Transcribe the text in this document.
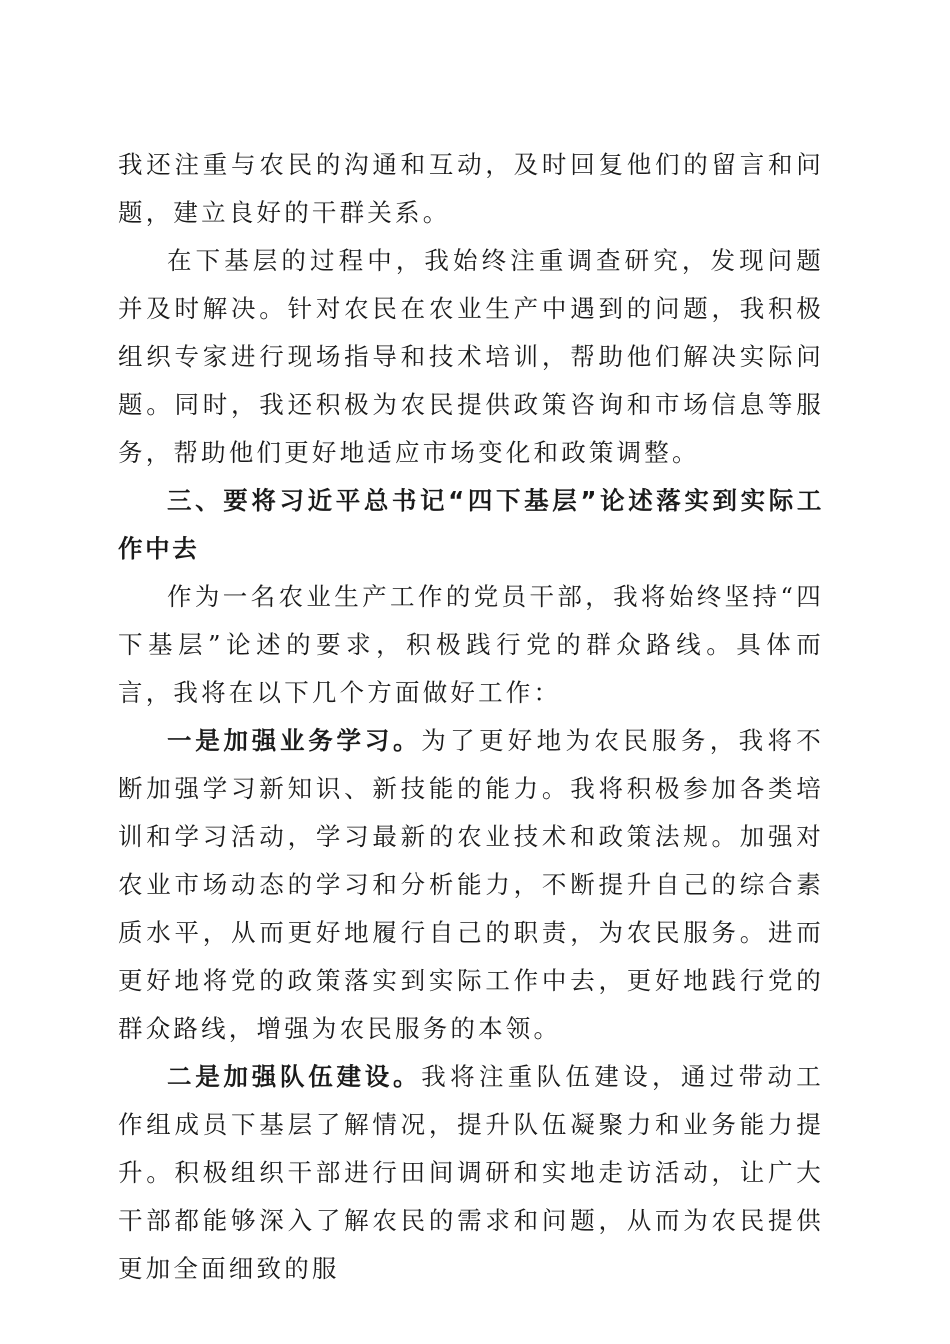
我还注重与农民的沟通和互动，及时回复他们的留言和问题，建立良好的干群关系。

在下基层的过程中，我始终注重调查研究，发现问题并及时解决。针对农民在农业生产中遇到的问题，我积极组织专家进行现场指导和技术培训，帮助他们解决实际问题。同时，我还积极为农民提供政策咨询和市场信息等服务，帮助他们更好地适应市场变化和政策调整。

三、要将习近平总书记“四下基层”论述落实到实际工作中去

作为一名农业生产工作的党员干部，我将始终坚持“四下基层”论述的要求，积极践行党的群众路线。具体而言，我将在以下几个方面做好工作：

一是加强业务学习。为了更好地为农民服务，我将不断加强学习新知识、新技能的能力。我将积极参加各类培训和学习活动，学习最新的农业技术和政策法规。加强对农业市场动态的学习和分析能力，不断提升自己的综合素质水平，从而更好地履行自己的职责，为农民服务。进而更好地将党的政策落实到实际工作中去，更好地践行党的群众路线，增强为农民服务的本领。

二是加强队伍建设。我将注重队伍建设，通过带动工作组成员下基层了解情况，提升队伍凝聚力和业务能力提升。积极组织干部进行田间调研和实地走访活动，让广大干部都能够深入了解农民的需求和问题，从而为农民提供更加全面细致的服
